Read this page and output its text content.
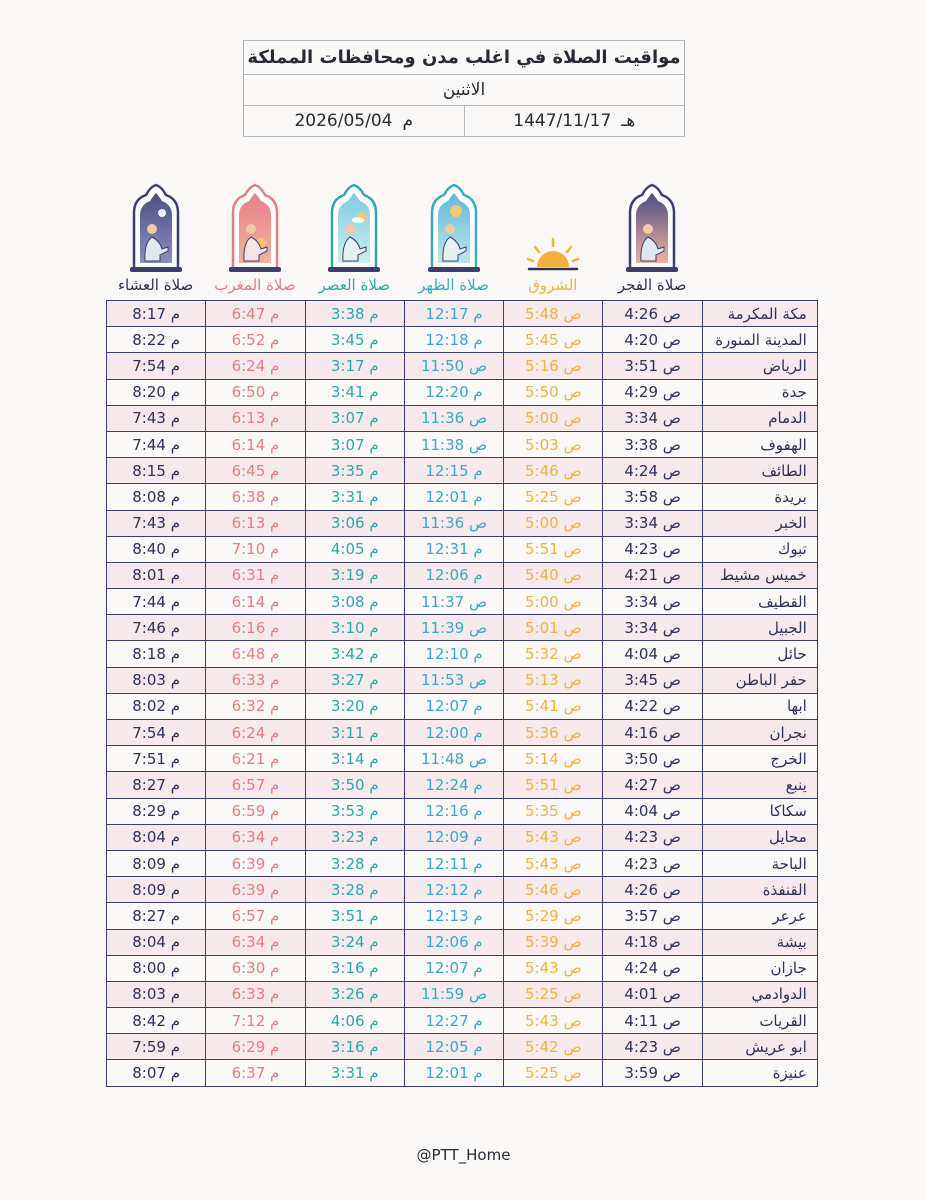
مواقيت الصلاة في اغلب مدن ومحافظات المملكة
الاثنين
2026/05/04 م	1447/11/17 هـ
صلاة العشاء	صلاة المغرب	صلاة العصر	صلاة الظهر	الشروق	صلاة الفجر
8:17 م	6:47 م	3:38 م	12:17 م	5:48 ص	4:26 ص	مكة المكرمة
8:22 م	6:52 م	3:45 م	12:18 م	5:45 ص	4:20 ص	المدينة المنورة
7:54 م	6:24 م	3:17 م	11:50 ص	5:16 ص	3:51 ص	الرياض
8:20 م	6:50 م	3:41 م	12:20 م	5:50 ص	4:29 ص	جدة
7:43 م	6:13 م	3:07 م	11:36 ص	5:00 ص	3:34 ص	الدمام
7:44 م	6:14 م	3:07 م	11:38 ص	5:03 ص	3:38 ص	الهفوف
8:15 م	6:45 م	3:35 م	12:15 م	5:46 ص	4:24 ص	الطائف
8:08 م	6:38 م	3:31 م	12:01 م	5:25 ص	3:58 ص	بريدة
7:43 م	6:13 م	3:06 م	11:36 ص	5:00 ص	3:34 ص	الخبر
8:40 م	7:10 م	4:05 م	12:31 م	5:51 ص	4:23 ص	تبوك
8:01 م	6:31 م	3:19 م	12:06 م	5:40 ص	4:21 ص	خميس مشيط
7:44 م	6:14 م	3:08 م	11:37 ص	5:00 ص	3:34 ص	القطيف
7:46 م	6:16 م	3:10 م	11:39 ص	5:01 ص	3:34 ص	الجبيل
8:18 م	6:48 م	3:42 م	12:10 م	5:32 ص	4:04 ص	حائل
8:03 م	6:33 م	3:27 م	11:53 ص	5:13 ص	3:45 ص	حفر الباطن
8:02 م	6:32 م	3:20 م	12:07 م	5:41 ص	4:22 ص	ابها
7:54 م	6:24 م	3:11 م	12:00 م	5:36 ص	4:16 ص	نجران
7:51 م	6:21 م	3:14 م	11:48 ص	5:14 ص	3:50 ص	الخرج
8:27 م	6:57 م	3:50 م	12:24 م	5:51 ص	4:27 ص	ينبع
8:29 م	6:59 م	3:53 م	12:16 م	5:35 ص	4:04 ص	سكاكا
8:04 م	6:34 م	3:23 م	12:09 م	5:43 ص	4:23 ص	محايل
8:09 م	6:39 م	3:28 م	12:11 م	5:43 ص	4:23 ص	الباحة
8:09 م	6:39 م	3:28 م	12:12 م	5:46 ص	4:26 ص	القنفذة
8:27 م	6:57 م	3:51 م	12:13 م	5:29 ص	3:57 ص	عرعر
8:04 م	6:34 م	3:24 م	12:06 م	5:39 ص	4:18 ص	بيشة
8:00 م	6:30 م	3:16 م	12:07 م	5:43 ص	4:24 ص	جازان
8:03 م	6:33 م	3:26 م	11:59 ص	5:25 ص	4:01 ص	الدوادمي
8:42 م	7:12 م	4:06 م	12:27 م	5:43 ص	4:11 ص	القريات
7:59 م	6:29 م	3:16 م	12:05 م	5:42 ص	4:23 ص	ابو عريش
8:07 م	6:37 م	3:31 م	12:01 م	5:25 ص	3:59 ص	عنيزة
@PTT_Home
